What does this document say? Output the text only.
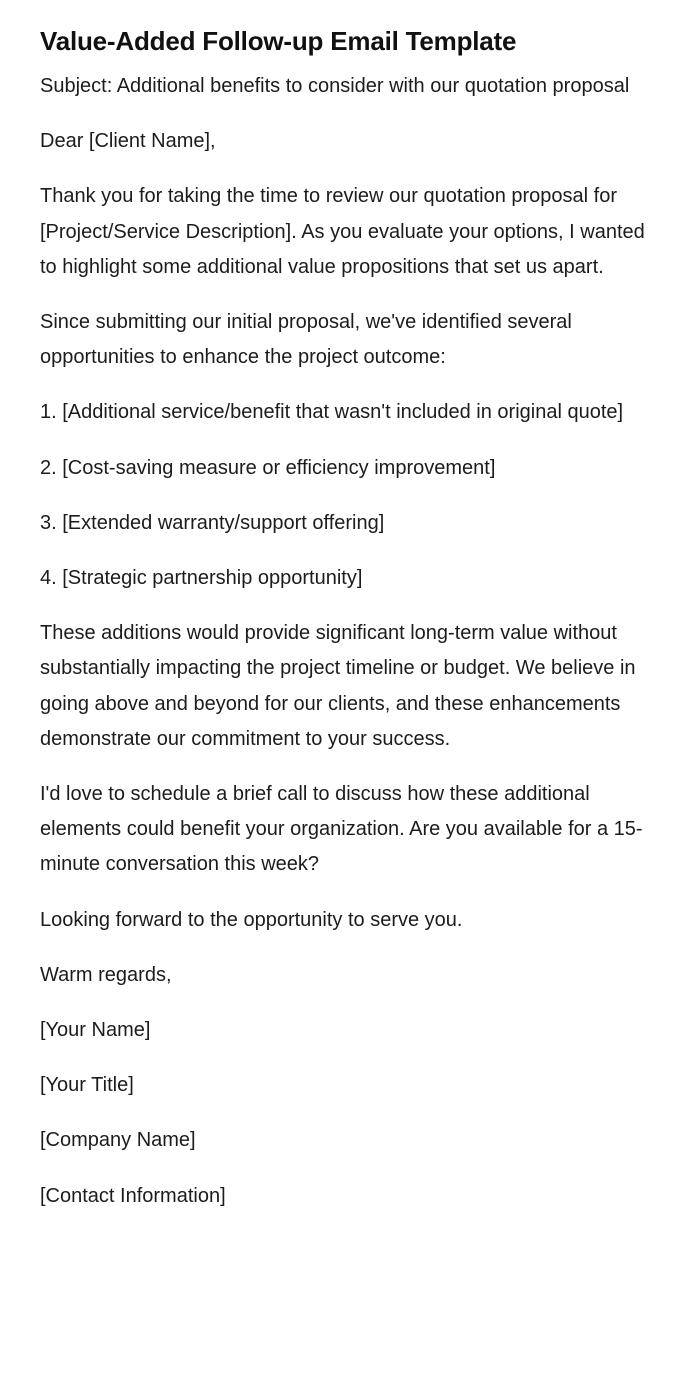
Value-Added Follow-up Email Template

Subject: Additional benefits to consider with our quotation proposal

Dear [Client Name],

Thank you for taking the time to review our quotation proposal for [Project/Service Description]. As you evaluate your options, I wanted to highlight some additional value propositions that set us apart.

Since submitting our initial proposal, we've identified several opportunities to enhance the project outcome:

1. [Additional service/benefit that wasn't included in original quote]

2. [Cost-saving measure or efficiency improvement]

3. [Extended warranty/support offering]

4. [Strategic partnership opportunity]

These additions would provide significant long-term value without substantially impacting the project timeline or budget. We believe in going above and beyond for our clients, and these enhancements demonstrate our commitment to your success.

I'd love to schedule a brief call to discuss how these additional elements could benefit your organization. Are you available for a 15-minute conversation this week?

Looking forward to the opportunity to serve you.

Warm regards,

[Your Name]

[Your Title]

[Company Name]

[Contact Information]
